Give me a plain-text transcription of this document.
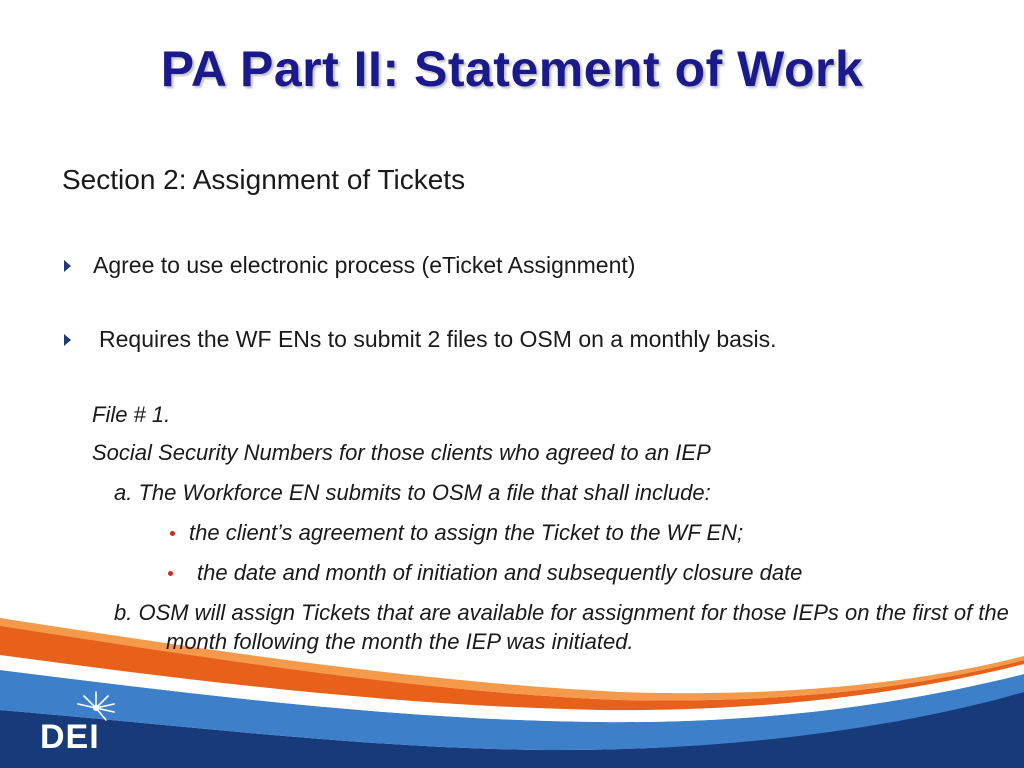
DEI
PA Part II: Statement of Work
Section 2: Assignment of Tickets
Agree to use electronic process (eTicket Assignment)
Requires the WF ENs to submit 2 files to OSM on a monthly basis.
File # 1.
Social Security Numbers for those clients who agreed to an IEP
a. The Workforce EN submits to OSM a file that shall include:
the client’s agreement to assign the Ticket to the WF EN;
the date and month of initiation and subsequently closure date

b. OSM will assign Tickets that are available for assignment for those IEPs on the first of the month following the month the IEP was initiated.
